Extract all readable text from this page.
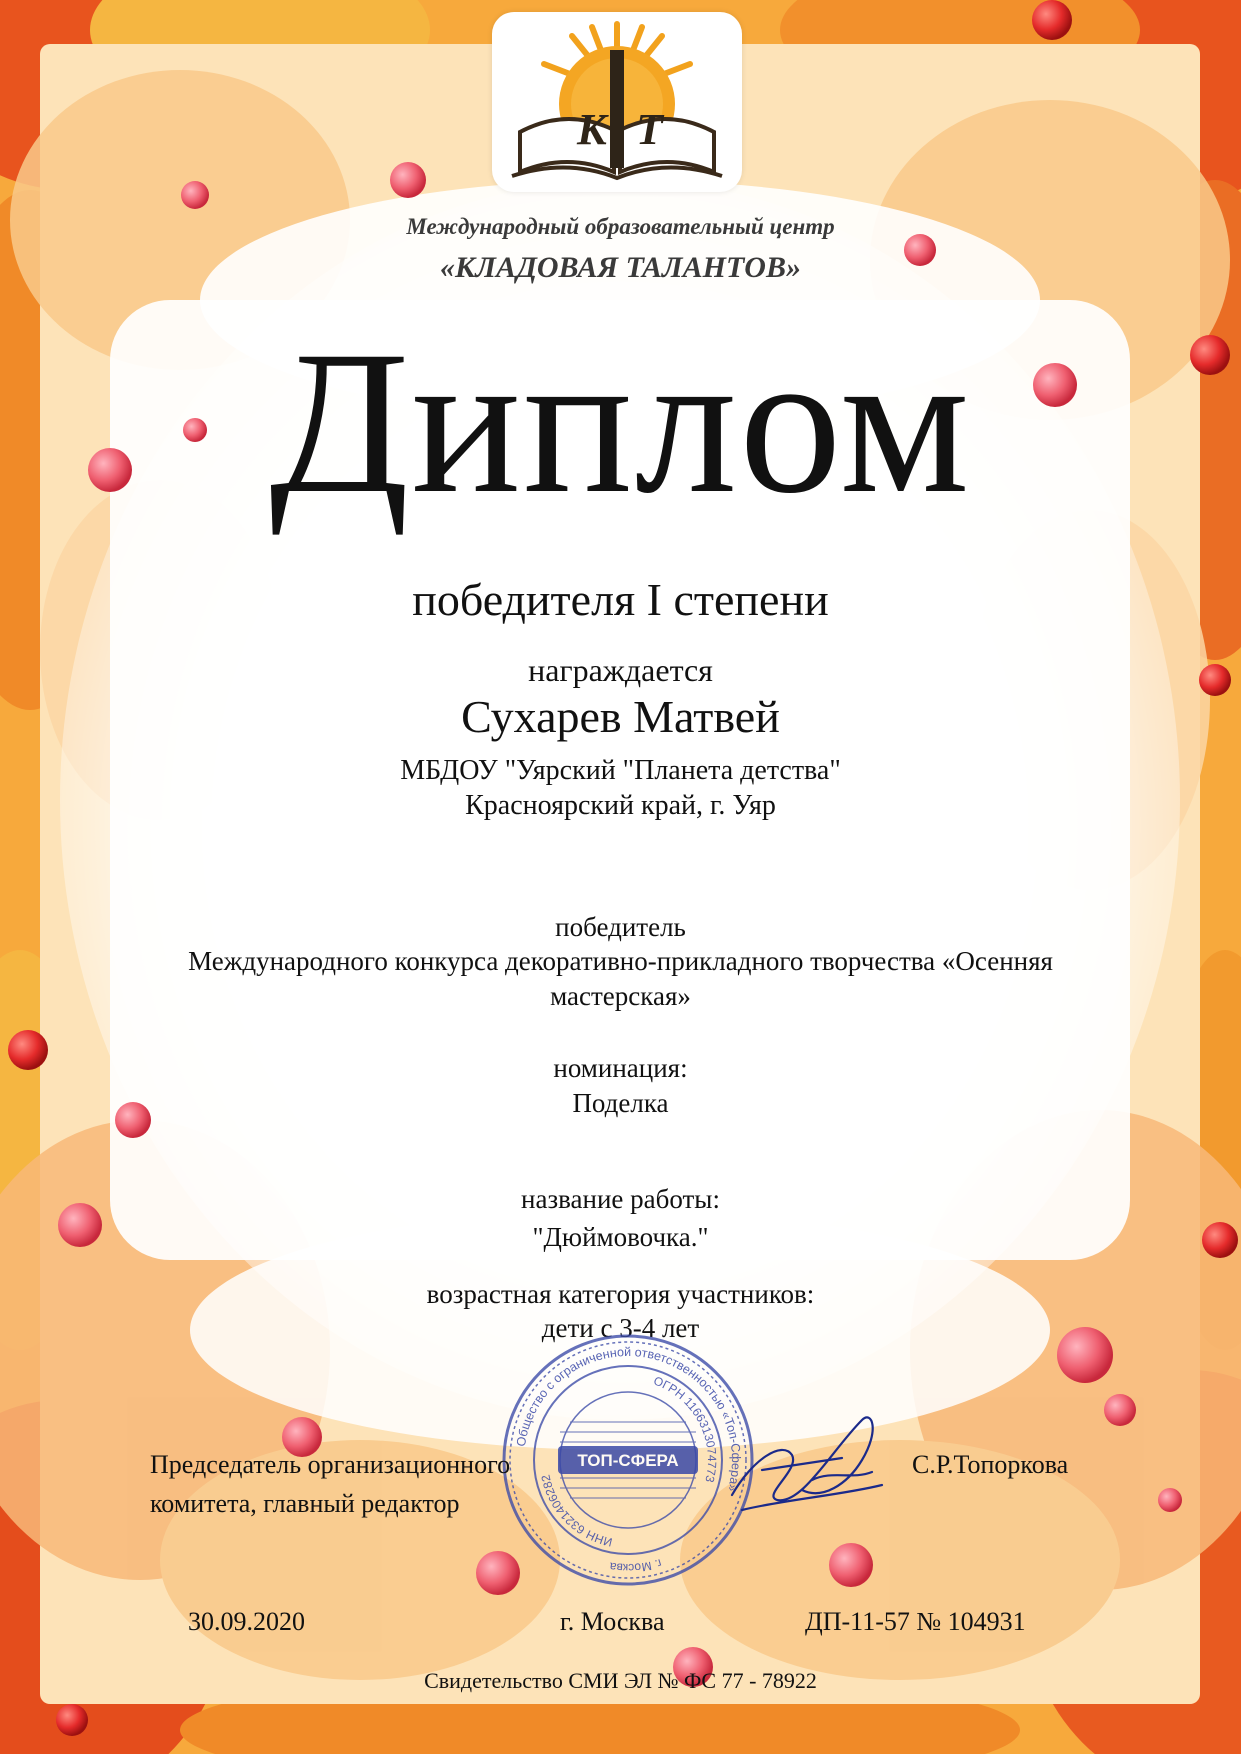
К Т
Международный образовательный центр
«КЛАДОВАЯ ТАЛАНТОВ»
Диплом
победителя I степени
награждается
Сухарев Матвей
МБДОУ "Уярский "Планета детства"
Красноярский край, г. Уяр
победитель
Международного конкурса декоративно-прикладного творчества «Осенняя
мастерская»
номинация:
Поделка
название работы:
"Дюймовочка."
возрастная категория участников:
дети с 3-4 лет
Общество с ограниченной ответственностью «Топ-Сфера»
ОГРН 1166313074773
ИНН 6321406282
г. Москва
ТОП-СФЕРА
Председатель организационного
комитета, главный редактор
С.Р.Топоркова
30.09.2020	г. Москва	ДП-11-57 № 104931
Свидетельство СМИ ЭЛ № ФС 77 - 78922
